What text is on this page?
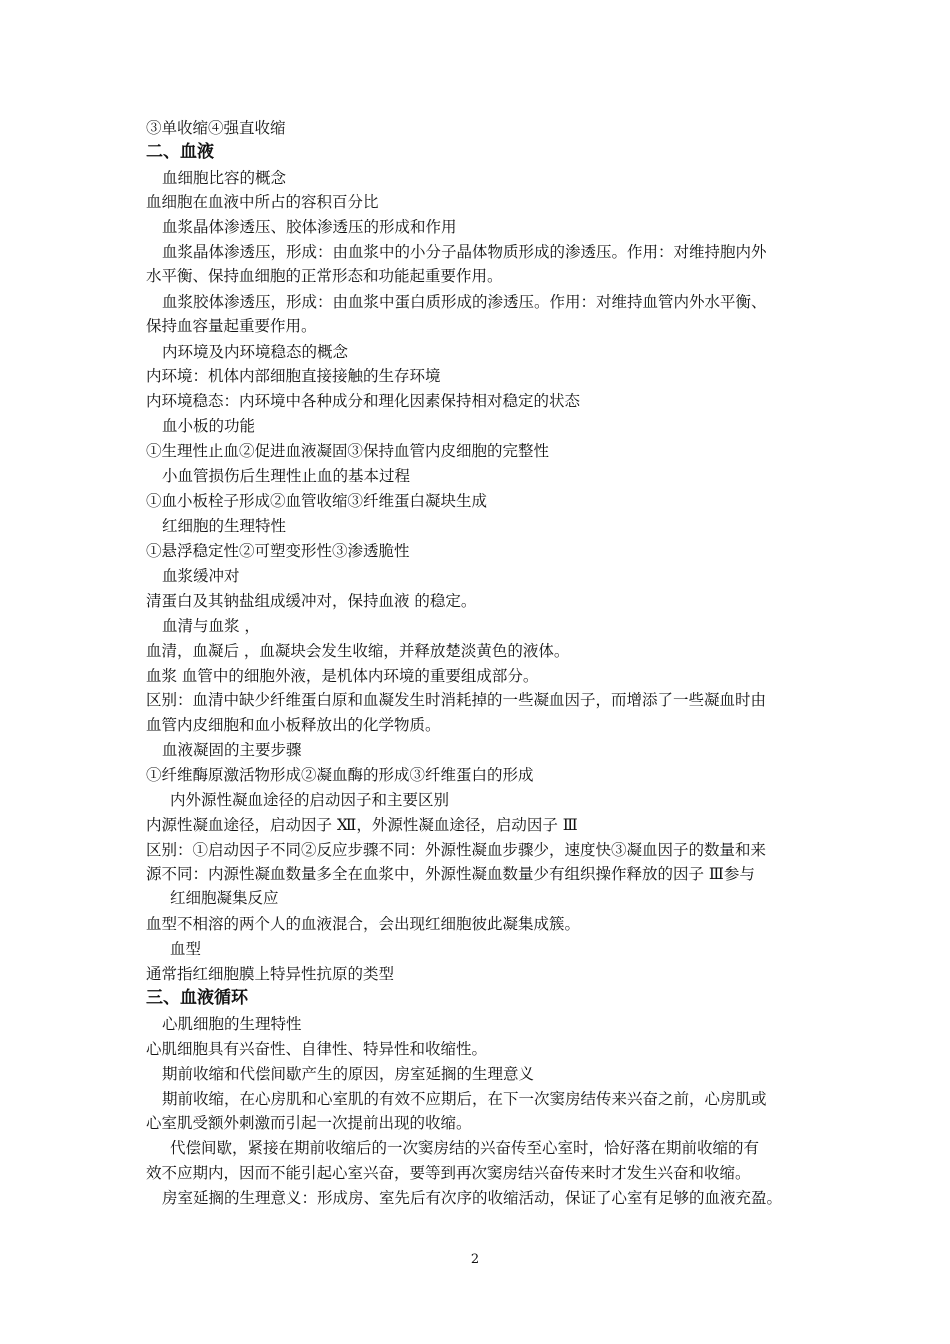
③单收缩④强直收缩
二、血液
血细胞比容的概念
血细胞在血液中所占的容积百分比
血浆晶体渗透压、胶体渗透压的形成和作用
血浆晶体渗透压，形成：由血浆中的小分子晶体物质形成的渗透压。作用：对维持胞内外
水平衡、保持血细胞的正常形态和功能起重要作用。
血浆胶体渗透压，形成：由血浆中蛋白质形成的渗透压。作用：对维持血管内外水平衡、
保持血容量起重要作用。
内环境及内环境稳态的概念
内环境：机体内部细胞直接接触的生存环境
内环境稳态：内环境中各种成分和理化因素保持相对稳定的状态
血小板的功能
①生理性止血②促进血液凝固③保持血管内皮细胞的完整性
小血管损伤后生理性止血的基本过程
①血小板栓子形成②血管收缩③纤维蛋白凝块生成
红细胞的生理特性
①悬浮稳定性②可塑变形性③渗透脆性
血浆缓冲对
清蛋白及其钠盐组成缓冲对，保持血液 的稳定。
血清与血浆 ，
血清，血凝后 ，血凝块会发生收缩，并释放楚淡黄色的液体。
血浆 血管中的细胞外液，是机体内环境的重要组成部分。
区别：血清中缺少纤维蛋白原和血凝发生时消耗掉的一些凝血因子，而增添了一些凝血时由
血管内皮细胞和血小板释放出的化学物质。
血液凝固的主要步骤
①纤维酶原激活物形成②凝血酶的形成③纤维蛋白的形成
内外源性凝血途径的启动因子和主要区别
内源性凝血途径，启动因子 Ⅻ，外源性凝血途径，启动因子 Ⅲ
区别：①启动因子不同②反应步骤不同：外源性凝血步骤少，速度快③凝血因子的数量和来
源不同：内源性凝血数量多全在血浆中，外源性凝血数量少有组织操作释放的因子 Ⅲ参与
红细胞凝集反应
血型不相溶的两个人的血液混合，会出现红细胞彼此凝集成簇。
血型
通常指红细胞膜上特异性抗原的类型
三、血液循环
心肌细胞的生理特性
心肌细胞具有兴奋性、自律性、特异性和收缩性。
期前收缩和代偿间歇产生的原因，房室延搁的生理意义
期前收缩，在心房肌和心室肌的有效不应期后，在下一次窦房结传来兴奋之前，心房肌或
心室肌受额外刺激而引起一次提前出现的收缩。
代偿间歇，紧接在期前收缩后的一次窦房结的兴奋传至心室时，恰好落在期前收缩的有
效不应期内，因而不能引起心室兴奋，要等到再次窦房结兴奋传来时才发生兴奋和收缩。
房室延搁的生理意义：形成房、室先后有次序的收缩活动，保证了心室有足够的血液充盈。
2
